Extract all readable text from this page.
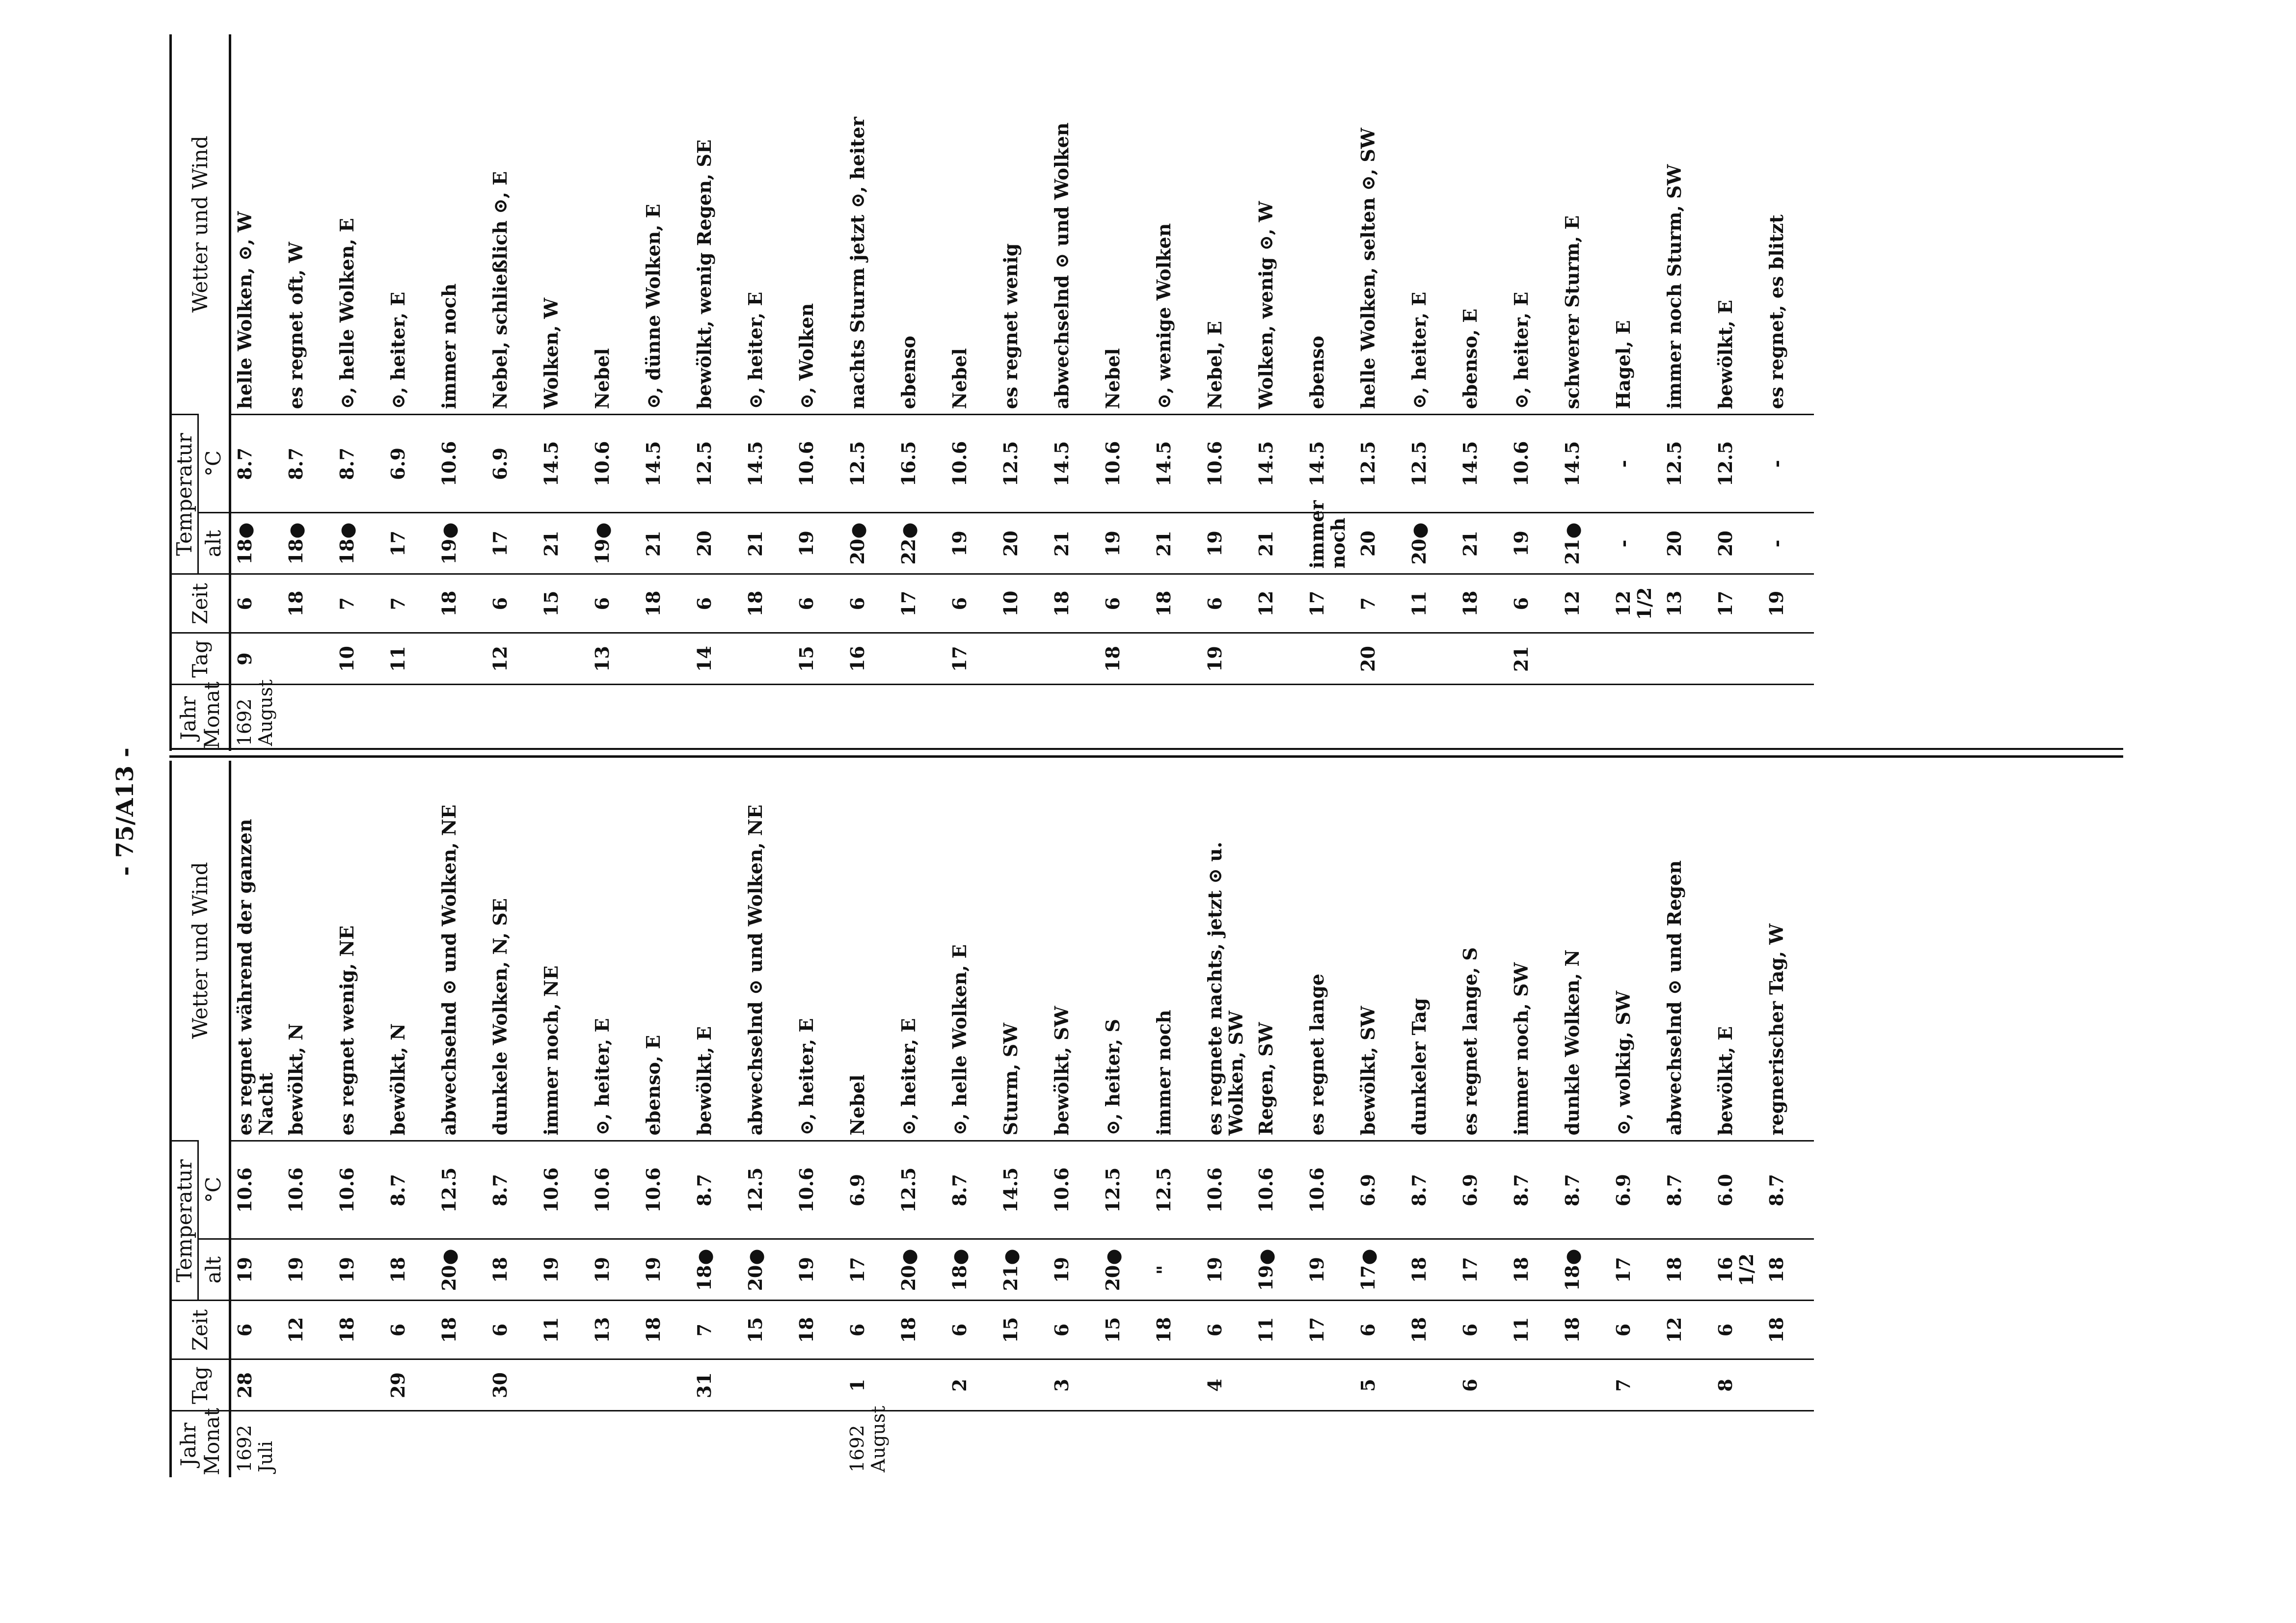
- 75/A13 -
Jahr Monat	Tag	Zeit	Temperatur		Wetter und Wind
			alt	°C	
1692 Juli	28	6	19	10.6	es regnet während der ganzen Nacht
		12	19	10.6	bewölkt, N
		18	19	10.6	es regnet wenig, NE
	29	6	18	8.7	bewölkt, N
		18	20●	12.5	abwechselnd ⊙ und Wolken, NE
	30	6	18	8.7	dunkele Wolken, N, SE
		11	19	10.6	immer noch, NE
		13	19	10.6	⊙, heiter, E
		18	19	10.6	ebenso, E
	31	7	18●	8.7	bewölkt, E
		15	20●	12.5	abwechselnd ⊙ und Wolken, NE
		18	19	10.6	⊙, heiter, E
1692 August	1	6	17	6.9	Nebel
		18	20●	12.5	⊙, heiter, E
	2	6	18●	8.7	⊙, helle Wolken, E
		15	21●	14.5	Sturm, SW
	3	6	19	10.6	bewölkt, SW
		15	20●	12.5	⊙, heiter, S
		18	"	12.5	immer noch
	4	6	19	10.6	es regnete nachts, jetzt ⊙ u. Wolken, SW
		11	19●	10.6	Regen, SW
		17	19	10.6	es regnet lange
	5	6	17●	6.9	bewölkt, SW
		18	18	8.7	dunkeler Tag
	6	6	17	6.9	es regnet lange, S
		11	18	8.7	immer noch, SW
		18	18●	8.7	dunkle Wolken, N
	7	6	17	6.9	⊙, wolkig, SW
		12	18	8.7	abwechselnd ⊙ und Regen
	8	6	16 1/2	6.0	bewölkt, E
		18	18	8.7	regnerischer Tag, W
Jahr Monat	Tag	Zeit	Temperatur		Wetter und Wind
			alt	°C	
1692 August	9	6	18●	8.7	helle Wolken, ⊙, W
		18	18●	8.7	es regnet oft, W
	10	7	18●	8.7	⊙, helle Wolken, E
	11	7	17	6.9	⊙, heiter, E
		18	19●	10.6	immer noch
	12	6	17	6.9	Nebel, schließlich ⊙, E
		15	21	14.5	Wolken, W
	13	6	19●	10.6	Nebel
		18	21	14.5	⊙, dünne Wolken, E
	14	6	20	12.5	bewölkt, wenig Regen, SE
		18	21	14.5	⊙, heiter, E
	15	6	19	10.6	⊙, Wolken
	16	6	20●	12.5	nachts Sturm jetzt ⊙, heiter
		17	22●	16.5	ebenso
	17	6	19	10.6	Nebel
		10	20	12.5	es regnet wenig
		18	21	14.5	abwechselnd ⊙ und Wolken
	18	6	19	10.6	Nebel
		18	21	14.5	⊙, wenige Wolken
	19	6	19	10.6	Nebel, E
		12	21	14.5	Wolken, wenig ⊙, W
		17	immer noch	14.5	ebenso
	20	7	20	12.5	helle Wolken, selten ⊙, SW
		11	20●	12.5	⊙, heiter, E
		18	21	14.5	ebenso, E
	21	6	19	10.6	⊙, heiter, E
		12	21●	14.5	schwerer Sturm, E
		12 1/2	-	-	Hagel, E
		13	20	12.5	immer noch Sturm, SW
		17	20	12.5	bewölkt, E
		19	-	-	es regnet, es blitzt
